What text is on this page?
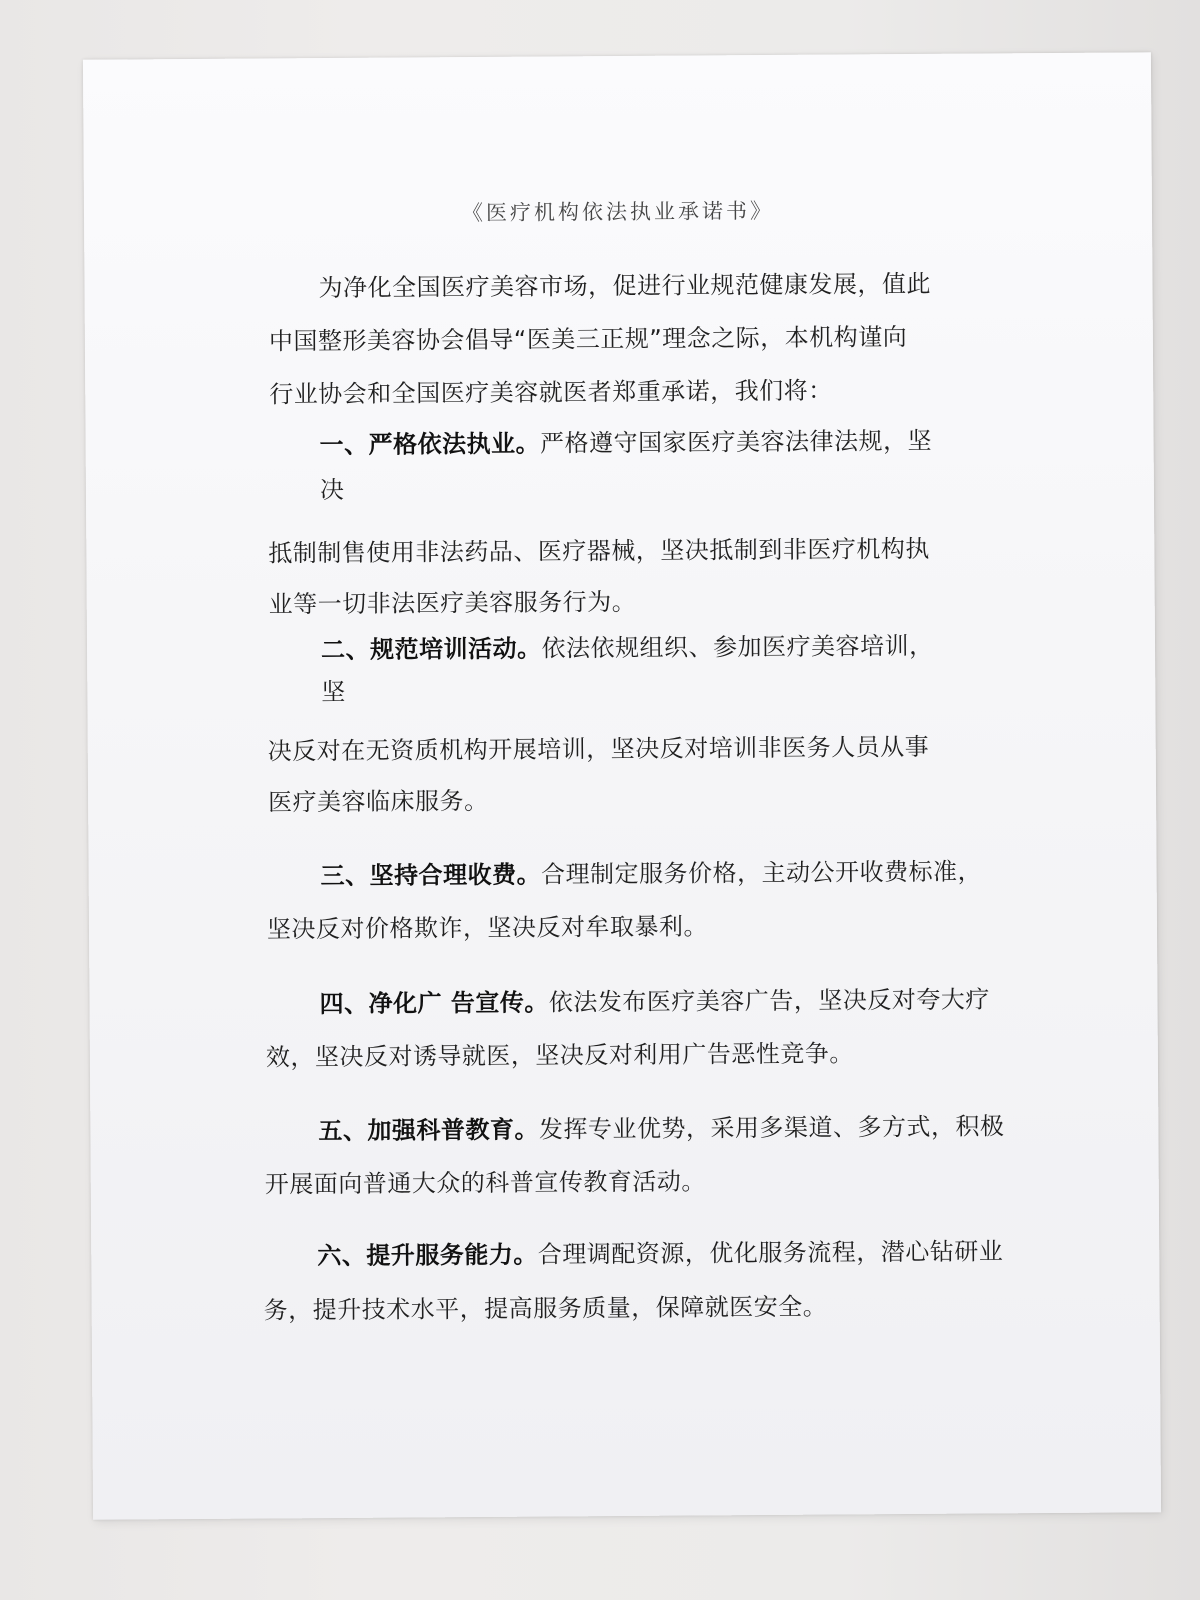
《医疗机构依法执业承诺书》
为净化全国医疗美容市场，促进行业规范健康发展，值此
中国整形美容协会倡导“医美三正规”理念之际，本机构谨向
行业协会和全国医疗美容就医者郑重承诺，我们将：
一、严格依法执业。严格遵守国家医疗美容法律法规，坚
决
抵制制售使用非法药品、医疗器械，坚决抵制到非医疗机构执
业等一切非法医疗美容服务行为。
二、规范培训活动。依法依规组织、参加医疗美容培训，
坚
决反对在无资质机构开展培训，坚决反对培训非医务人员从事
医疗美容临床服务。
三、坚持合理收费。合理制定服务价格，主动公开收费标准，
坚决反对价格欺诈，坚决反对牟取暴利。
四、净化广 告宣传。依法发布医疗美容广告，坚决反对夸大疗
效，坚决反对诱导就医，坚决反对利用广告恶性竞争。
五、加强科普教育。发挥专业优势，采用多渠道、多方式，积极
开展面向普通大众的科普宣传教育活动。
六、提升服务能力。合理调配资源，优化服务流程，潜心钻研业
务，提升技术水平，提高服务质量，保障就医安全。
